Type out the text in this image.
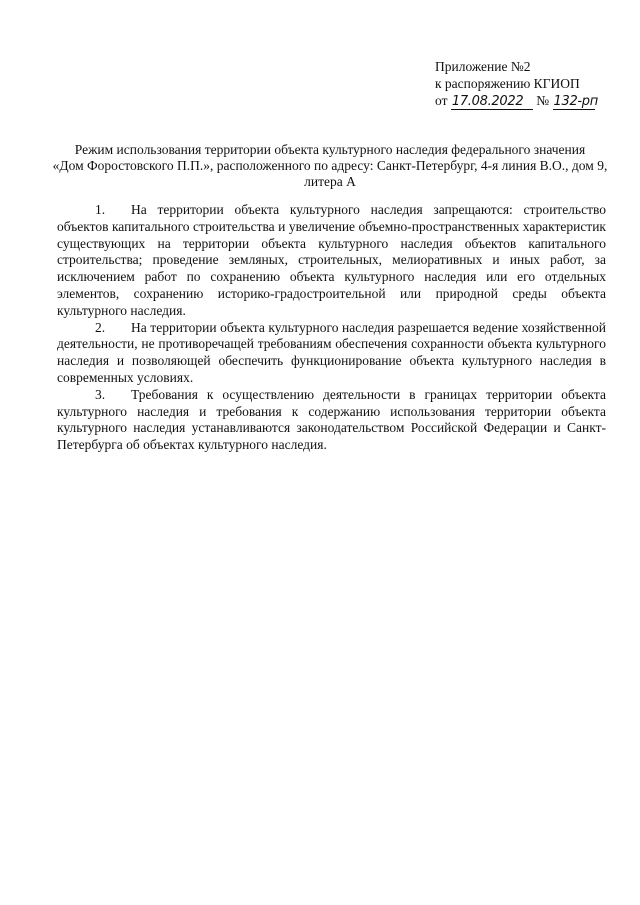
Приложение №2
к распоряжению КГИОП
от 17.08.2022 № 132-рп
Режим использования территории объекта культурного наследия федерального значения
«Дом Форостовского П.П.», расположенного по адресу: Санкт-Петербург, 4-я линия В.О., дом 9,
литера А

1. На территории объекта культурного наследия запрещаются: строительство объектов капитального строительства и увеличение объемно-пространственных характеристик существующих на территории объекта культурного наследия объектов капитального строительства; проведение земляных, строительных, мелиоративных и иных работ, за исключением работ по сохранению объекта культурного наследия или его отдельных элементов, сохранению историко-градостроительной или природной среды объекта культурного наследия.

2. На территории объекта культурного наследия разрешается ведение хозяйственной деятельности, не противоречащей требованиям обеспечения сохранности объекта культурного наследия и позволяющей обеспечить функционирование объекта культурного наследия в современных условиях.

3. Требования к осуществлению деятельности в границах территории объекта культурного наследия и требования к содержанию использования территории объекта культурного наследия устанавливаются законодательством Российской Федерации и Санкт-Петербурга об объектах культурного наследия.
